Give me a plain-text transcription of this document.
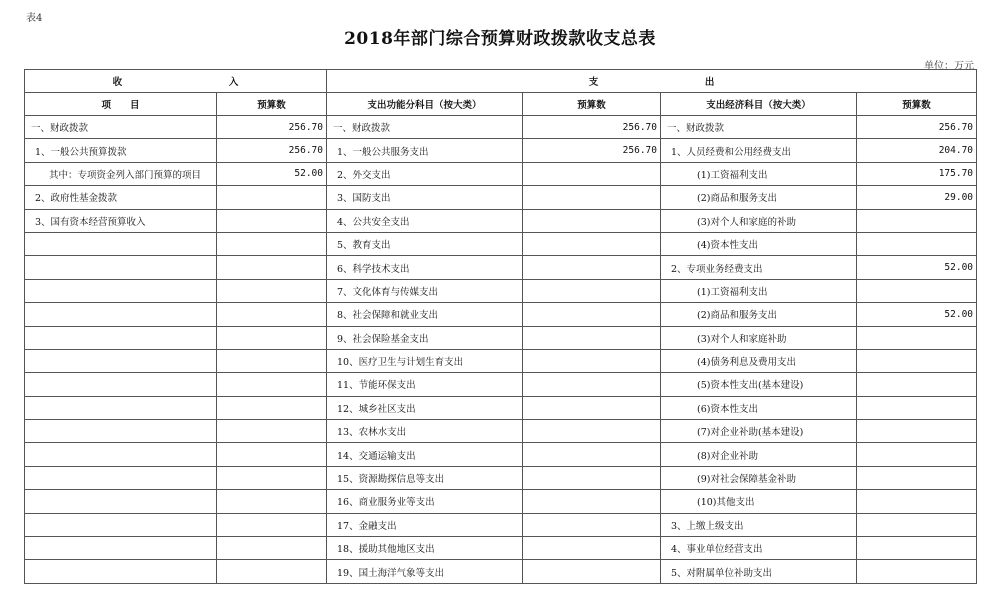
表4
2018年部门综合预算财政拨款收支总表
单位：万元
收 入		支 出			
项　　目	预算数	支出功能分科目（按大类）	预算数	支出经济科目（按大类）	预算数
一、财政拨款	256.70	一、财政拨款	256.70	一、财政拨款	256.70
1、一般公共预算拨款	256.70	1、一般公共服务支出	256.70	1、人员经费和公用经费支出	204.70
其中：专项资金列入部门预算的项目	52.00	2、外交支出		(1)工资福利支出	175.70
2、政府性基金拨款		3、国防支出		(2)商品和服务支出	29.00
3、国有资本经营预算收入		4、公共安全支出		(3)对个人和家庭的补助	
		5、教育支出		(4)资本性支出	
		6、科学技术支出		2、专项业务经费支出	52.00
		7、文化体育与传媒支出		(1)工资福利支出	
		8、社会保障和就业支出		(2)商品和服务支出	52.00
		9、社会保险基金支出		(3)对个人和家庭补助	
		10、医疗卫生与计划生育支出		(4)债务利息及费用支出	
		11、节能环保支出		(5)资本性支出(基本建设)	
		12、城乡社区支出		(6)资本性支出	
		13、农林水支出		(7)对企业补助(基本建设)	
		14、交通运输支出		(8)对企业补助	
		15、资源勘探信息等支出		(9)对社会保障基金补助	
		16、商业服务业等支出		(10)其他支出	
		17、金融支出		3、上缴上级支出	
		18、援助其他地区支出		4、事业单位经营支出	
		19、国土海洋气象等支出		5、对附属单位补助支出	
